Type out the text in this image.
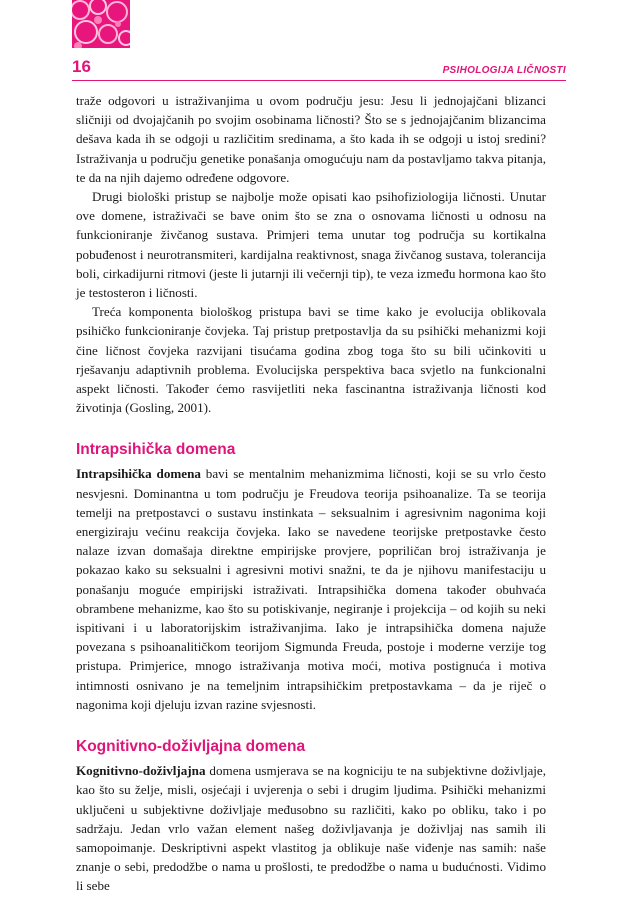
16	PSIHOLOGIJA LIČNOSTI

traže odgovori u istraživanjima u ovom području jesu: Jesu li jednojajčani blizanci sličniji od dvojajčanih po svojim osobinama ličnosti? Što se s jednojajčanim blizancima dešava kada ih se odgoji u različitim sredinama, a što kada ih se odgoji u istoj sredini? Istraživanja u području genetike ponašanja omogućuju nam da postavljamo takva pitanja, te da na njih dajemo određene odgovore.

Drugi biološki pristup se najbolje može opisati kao psihofiziologija ličnosti. Unutar ove domene, istraživači se bave onim što se zna o osnovama ličnosti u odnosu na funkcioniranje živčanog sustava. Primjeri tema unutar tog područja su kortikalna pobuđenost i neurotransmiteri, kardijalna reaktivnost, snaga živčanog sustava, tolerancija boli, cirkadijurni ritmovi (jeste li jutarnji ili večernji tip), te veza između hormona kao što je testosteron i ličnosti.

Treća komponenta biološkog pristupa bavi se time kako je evolucija oblikovala psihičko funkcioniranje čovjeka. Taj pristup pretpostavlja da su psihički mehanizmi koji čine ličnost čovjeka razvijani tisućama godina zbog toga što su bili učinkoviti u rješavanju adaptivnih problema. Evolucijska perspektiva baca svjetlo na funkcionalni aspekt ličnosti. Također ćemo rasvijetliti neka fascinantna istraživanja ličnosti kod životinja (Gosling, 2001).

Intrapsihička domena

Intrapsihička domena bavi se mentalnim mehanizmima ličnosti, koji se su vrlo često nesvjesni. Dominantna u tom području je Freudova teorija psihoanalize. Ta se teorija temelji na pretpostavci o sustavu instinkata – seksualnim i agresivnim nagonima koji energiziraju većinu reakcija čovjeka. Iako se navedene teorijske pretpostavke često nalaze izvan domašaja direktne empirijske provjere, popriličan broj istraživanja je pokazao kako su seksualni i agresivni motivi snažni, te da je njihovu manifestaciju u ponašanju moguće empirijski istraživati. Intrapsihička domena također obuhvaća obrambene mehanizme, kao što su potiskivanje, negiranje i projekcija – od kojih su neki ispitivani i u laboratorijskim istraživanjima. Iako je intrapsihička domena najuže povezana s psihoanalitičkom teorijom Sigmunda Freuda, postoje i moderne verzije tog pristupa. Primjerice, mnogo istraživanja motiva moći, motiva postignuća i motiva intimnosti osnivano je na temeljnim intrapsihičkim pretpostavkama – da je riječ o nagonima koji djeluju izvan razine svjesnosti.

Kognitivno-doživljajna domena

Kognitivno-doživljajna domena usmjerava se na kogniciju te na subjektivne doživljaje, kao što su želje, misli, osjećaji i uvjerenja o sebi i drugim ljudima. Psihički mehanizmi uključeni u subjektivne doživljaje međusobno su različiti, kako po obliku, tako i po sadržaju. Jedan vrlo važan element našeg doživljavanja je doživljaj nas samih ili samopoimanje. Deskriptivni aspekt vlastitog ja oblikuje naše viđenje nas samih: naše znanje o sebi, predodžbe o nama u prošlosti, te predodžbe o nama u budućnosti. Vidimo li sebe
